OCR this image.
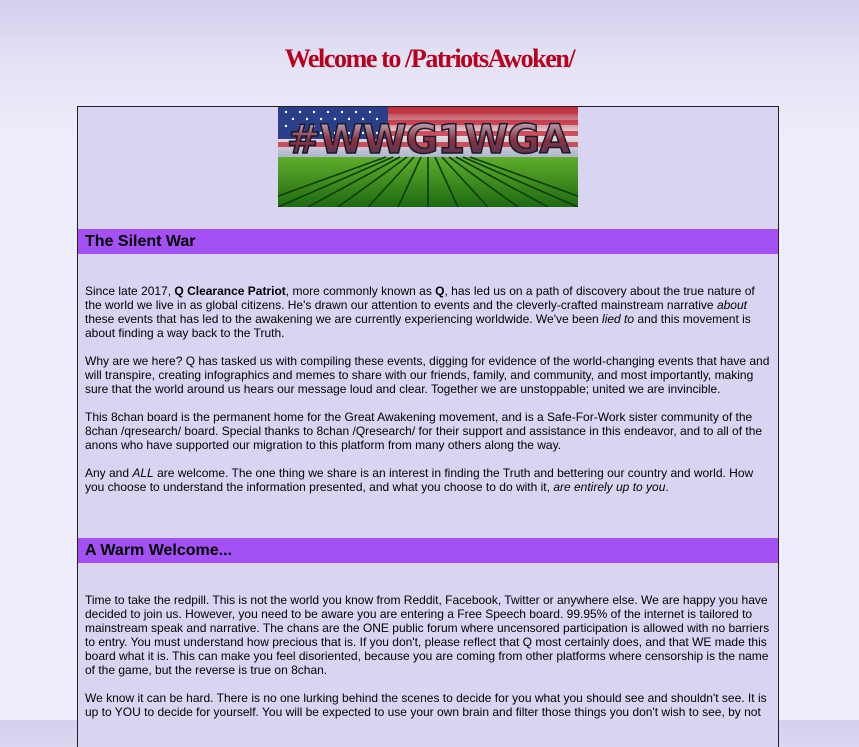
Welcome to /PatriotsAwoken/
#WWG1WGA
The Silent War

Since late 2017, Q Clearance Patriot, more commonly known as Q, has led us on a path of discovery about the true nature of the world we live in as global citizens. He's drawn our attention to events and the cleverly-crafted mainstream narrative about these events that has led to the awakening we are currently experiencing worldwide. We've been lied to and this movement is about finding a way back to the Truth.

Why are we here? Q has tasked us with compiling these events, digging for evidence of the world-changing events that have and will transpire, creating infographics and memes to share with our friends, family, and community, and most importantly, making sure that the world around us hears our message loud and clear. Together we are unstoppable; united we are invincible.

This 8chan board is the permanent home for the Great Awakening movement, and is a Safe-For-Work sister community of the 8chan /qresearch/ board. Special thanks to 8chan /Qresearch/ for their support and assistance in this endeavor, and to all of the anons who have supported our migration to this platform from many others along the way.

Any and ALL are welcome. The one thing we share is an interest in finding the Truth and bettering our country and world. How you choose to understand the information presented, and what you choose to do with it, are entirely up to you.

A Warm Welcome...

Time to take the redpill. This is not the world you know from Reddit, Facebook, Twitter or anywhere else. We are happy you have decided to join us. However, you need to be aware you are entering a Free Speech board. 99.95% of the internet is tailored to mainstream speak and narrative. The chans are the ONE public forum where uncensored participation is allowed with no barriers to entry. You must understand how precious that is. If you don't, please reflect that Q most certainly does, and that WE made this board what it is. This can make you feel disoriented, because you are coming from other platforms where censorship is the name of the game, but the reverse is true on 8chan.

We know it can be hard. There is no one lurking behind the scenes to decide for you what you should see and shouldn't see. It is up to YOU to decide for yourself. You will be expected to use your own brain and filter those things you don't wish to see, by not
